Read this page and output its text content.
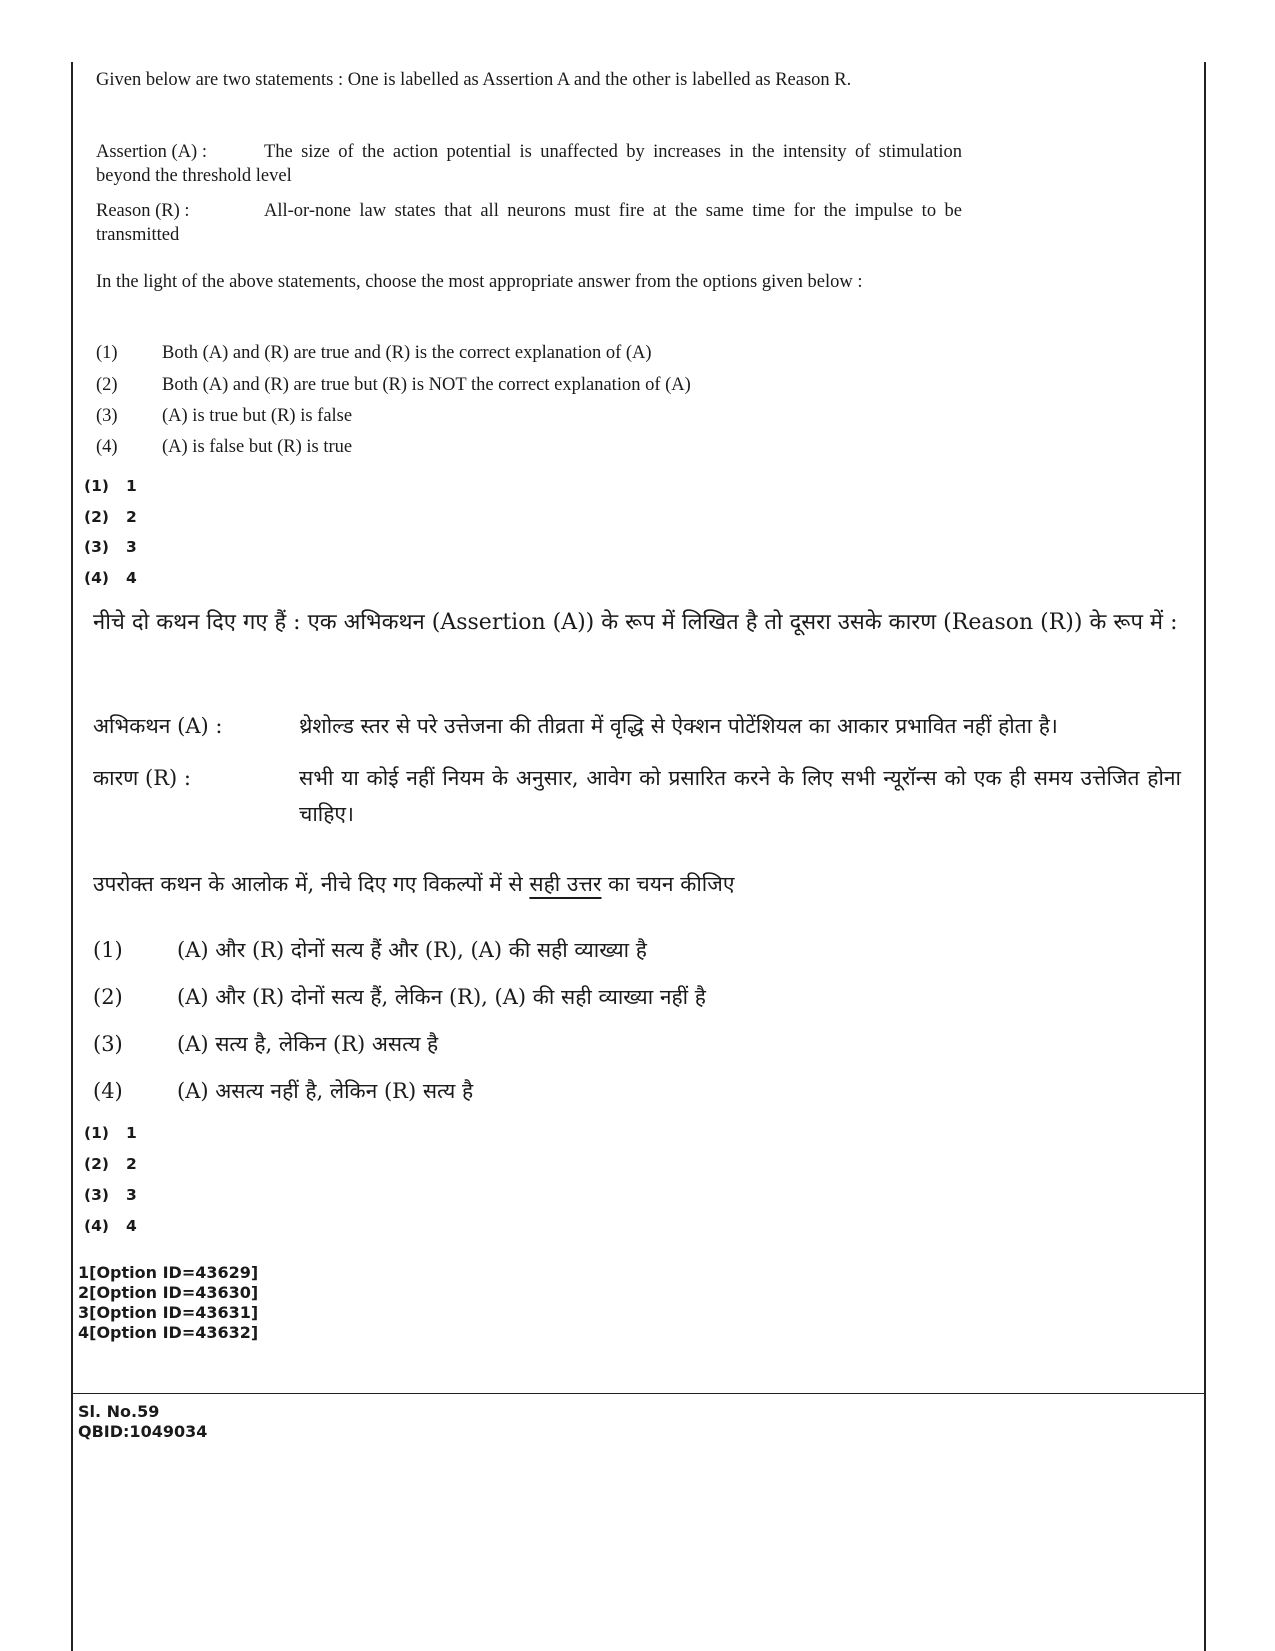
Given below are two statements : One is labelled as Assertion A and the other is labelled as Reason R.

Assertion (A) :	The size of the action potential is unaffected by increases in the intensity of stimulation beyond the threshold level

Reason (R) :	All-or-none law states that all neurons must fire at the same time for the impulse to be transmitted

In the light of the above statements, choose the most appropriate answer from the options given below :

(1) Both (A) and (R) are true and (R) is the correct explanation of (A)
(2) Both (A) and (R) are true but (R) is NOT the correct explanation of (A)
(3) (A) is true but (R) is false
(4) (A) is false but (R) is true
(1) 1
(2) 2
(3) 3
(4) 4

नीचे दो कथन दिए गए हैं : एक अभिकथन (Assertion (A)) के रूप में लिखित है तो दूसरा उसके कारण (Reason (R)) के रूप में :

अभिकथन (A) :	थ्रेशोल्ड स्तर से परे उत्तेजना की तीव्रता में वृद्धि से ऐक्शन पोटेंशियल का आकार प्रभावित नहीं होता है।
कारण (R) :	सभी या कोई नहीं नियम के अनुसार, आवेग को प्रसारित करने के लिए सभी न्यूरॉन्स को एक ही समय उत्तेजित होना चाहिए।

उपरोक्त कथन के आलोक में, नीचे दिए गए विकल्पों में से सही उत्तर का चयन कीजिए

(1)	(A) और (R) दोनों सत्य हैं और (R), (A) की सही व्याख्या है
(2)	(A) और (R) दोनों सत्य हैं, लेकिन (R), (A) की सही व्याख्या नहीं है
(3)	(A) सत्य है, लेकिन (R) असत्य है
(4)	(A) असत्य नहीं है, लेकिन (R) सत्य है
(1) 1
(2) 2
(3) 3
(4) 4
1[Option ID=43629]
2[Option ID=43630]
3[Option ID=43631]
4[Option ID=43632]
Sl. No.59
QBID:1049034
